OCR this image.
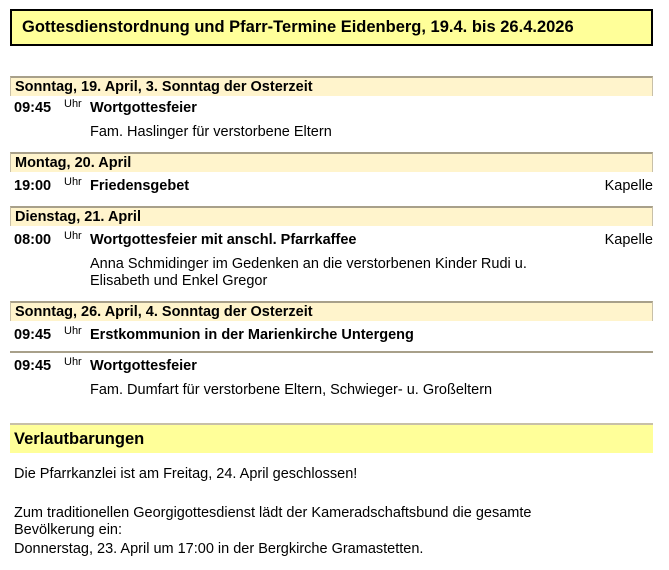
Gottesdienstordnung und Pfarr-Termine Eidenberg, 19.4. bis 26.4.2026
Sonntag, 19. April, 3. Sonntag der Osterzeit
09:45 Uhr Wortgottesfeier
Fam. Haslinger für verstorbene Eltern
Montag, 20. April
19:00 Uhr Friedensgebet	Kapelle
Dienstag, 21. April
08:00 Uhr Wortgottesfeier mit anschl. Pfarrkaffee	Kapelle
Anna Schmidinger im Gedenken an die verstorbenen Kinder Rudi u. Elisabeth und Enkel Gregor
Sonntag, 26. April, 4. Sonntag der Osterzeit
09:45 Uhr Erstkommunion in der Marienkirche Untergeng
09:45 Uhr Wortgottesfeier
Fam. Dumfart für verstorbene Eltern, Schwieger- u. Großeltern
Verlautbarungen
Die Pfarrkanzlei ist am Freitag, 24. April geschlossen!
Zum traditionellen Georgigottesdienst lädt der Kameradschaftsbund die gesamte Bevölkerung ein:
Donnerstag, 23. April um 17:00 in der Bergkirche Gramastetten.
